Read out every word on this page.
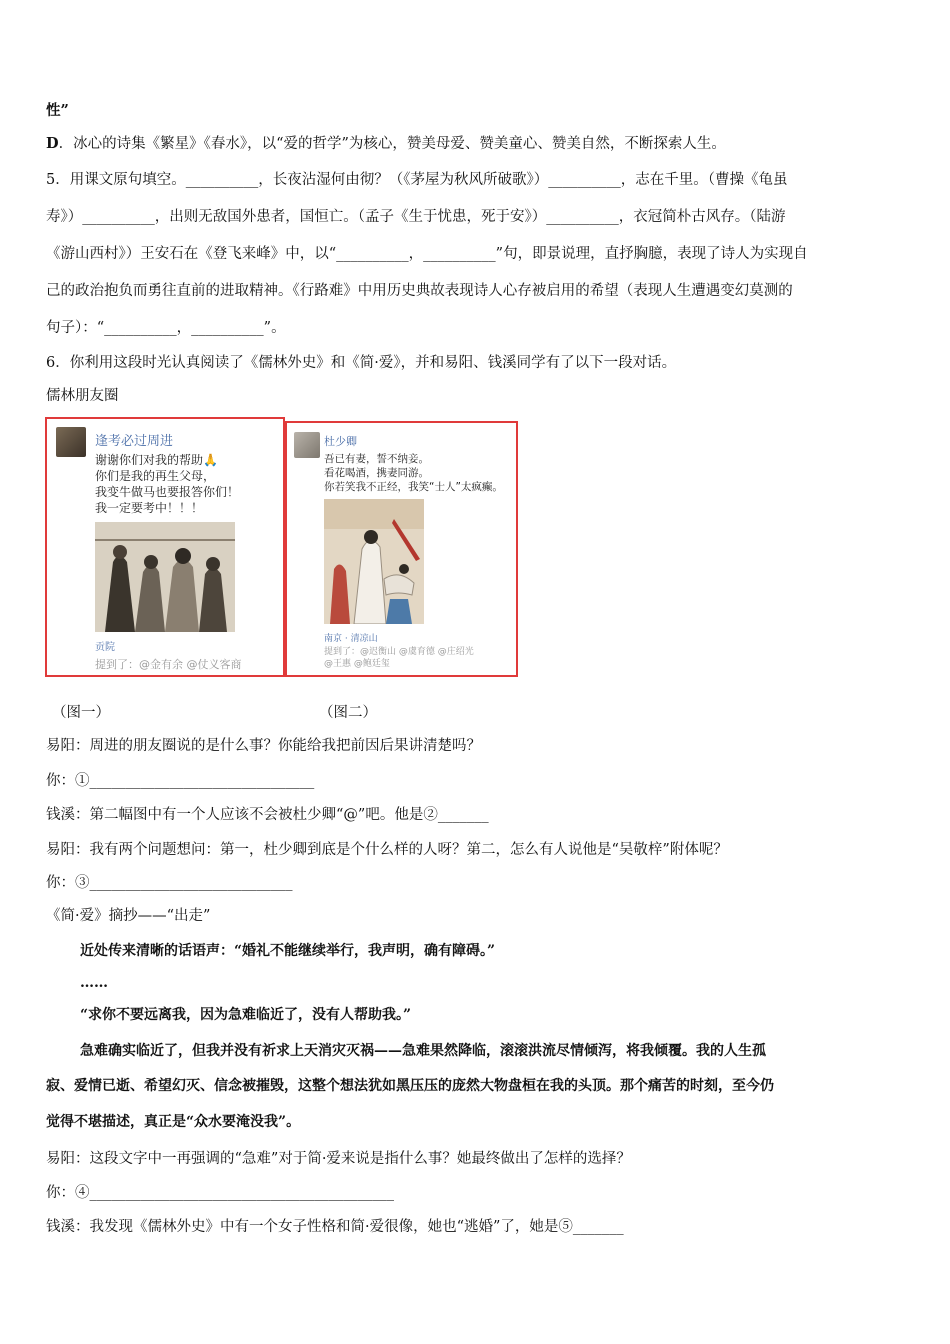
性”
D．冰心的诗集《繁星》《春水》，以“爱的哲学”为核心，赞美母爱、赞美童心、赞美自然，不断探索人生。
5．用课文原句填空。__________，长夜沾湿何由彻？（《茅屋为秋风所破歌》）__________，志在千里。（曹操《龟虽
寿》）__________，出则无敌国外患者，国恒亡。（孟子《生于忧患，死于安》）__________，衣冠简朴古风存。（陆游
《游山西村》）王安石在《登飞来峰》中，以“__________，__________”句，即景说理，直抒胸臆，表现了诗人为实现自
己的政治抱负而勇往直前的进取精神。《行路难》中用历史典故表现诗人心存被启用的希望（表现人生遭遇变幻莫测的
句子）：“__________，__________”。
6．你利用这段时光认真阅读了《儒林外史》和《简·爱》，并和易阳、钱溪同学有了以下一段对话。
儒林朋友圈
逢考必过周进
谢谢你们对我的帮助🙏
你们是我的再生父母，
我变牛做马也要报答你们！
我一定要考中！！！
贡院
提到了：@金有余 @仗义客商
杜少卿
吾已有妻，誓不纳妾。
看花喝酒，携妻同游。
你若笑我不正经，我笑“士人”太疯癫。
南京 · 清凉山
提到了：@迟衡山 @虞育德 @庄绍光
@王惠 @鲍廷玺
（图一）	（图二）
易阳：周进的朋友圈说的是什么事？你能给我把前因后果讲清楚吗？
你：①_______________________________
钱溪：第二幅图中有一个人应该不会被杜少卿“@”吧。他是②_______
易阳：我有两个问题想问：第一，杜少卿到底是个什么样的人呀？第二，怎么有人说他是“吴敬梓”附体呢？
你：③____________________________
《简·爱》摘抄——“出走”
近处传来清晰的话语声：“婚礼不能继续举行，我声明，确有障碍。”
……
“求你不要远离我，因为急难临近了，没有人帮助我。”
急难确实临近了，但我并没有祈求上天消灾灭祸——急难果然降临，滚滚洪流尽情倾泻，将我倾覆。我的人生孤
寂、爱情已逝、希望幻灭、信念被摧毁，这整个想法犹如黑压压的庞然大物盘桓在我的头顶。那个痛苦的时刻，至今仍
觉得不堪描述，真正是“众水要淹没我”。
易阳：这段文字中一再强调的“急难”对于简·爱来说是指什么事？她最终做出了怎样的选择？
你：④__________________________________________
钱溪：我发现《儒林外史》中有一个女子性格和简·爱很像，她也“逃婚”了，她是⑤_______
